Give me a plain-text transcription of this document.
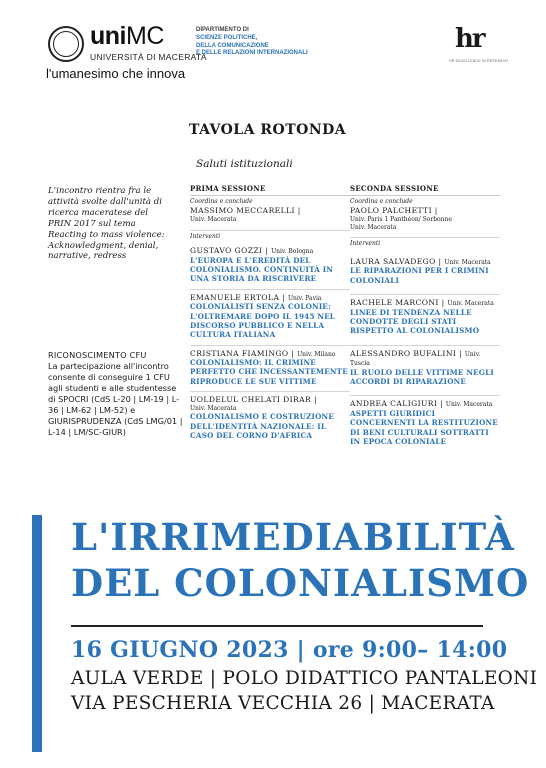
uniMC
UNIVERSITÀ DI MACERATA
l'umanesimo che innova
DIPARTIMENTO DI
SCIENZE POLITICHE,
DELLA COMUNICAZIONE
E DELLE RELAZIONI INTERNAZIONALI	hr
HR EXCELLENCE IN RESEARCH
TAVOLA ROTONDA
Saluti istituzionali
L'incontro rientra fra le attività svolte dall'unità di ricerca maceratese del PRIN 2017 sul tema Reacting to mass violence: Acknowledgment, denial, narrative, redress
RICONOSCIMENTO CFU
La partecipazione all'incontro consente di conseguire 1 CFU agli studenti e alle studentesse di SPOCRI (CdS L-20 | LM-19 | L-36 | LM-62 | LM-52) e GIURISPRUDENZA (CdS LMG/01 | L-14 | LM/SC-GIUR)
PRIMA SESSIONE
Coordina e conclude
MASSIMO MECCARELLI |
Univ. Macerata
Interventi
GUSTAVO GOZZI | Univ. Bologna
L'EUROPA E L'EREDITÀ DEL COLONIALISMO. CONTINUITÀ IN UNA STORIA DA RISCRIVERE
EMANUELE ERTOLA | Univ. Pavia
COLONIALISTI SENZA COLONIE: L'OLTREMARE DOPO IL 1945 NEL DISCORSO PUBBLICO E NELLA CULTURA ITALIANA
CRISTIANA FIAMINGO | Univ. Milano
COLONIALISMO: IL CRIMINE PERFETTO CHE INCESSANTEMENTE RIPRODUCE LE SUE VITTIME
UOLDELUL CHELATI DIRAR |
Univ. Macerata
COLONIALISMO E COSTRUZIONE DELL'IDENTITÀ NAZIONALE: IL CASO DEL CORNO D'AFRICA
SECONDA SESSIONE
Coordina e conclude
PAOLO PALCHETTI |
Univ. Paris 1 Panthéon/ Sorbonne
Univ. Macerata
Interventi
LAURA SALVADEGO | Univ. Macerata
LE RIPARAZIONI PER I CRIMINI COLONIALI
RACHELE MARCONI | Univ. Macerata
LINEE DI TENDENZA NELLE CONDOTTE DEGLI STATI RISPETTO AL COLONIALISMO
ALESSANDRO BUFALINI | Univ. Tuscia
IL RUOLO DELLE VITTIME NEGLI ACCORDI DI RIPARAZIONE
ANDREA CALIGIURI | Univ. Macerata
ASPETTI GIURIDICI CONCERNENTI LA RESTITUZIONE DI BENI CULTURALI SOTTRATTI IN EPOCA COLONIALE
L'IRRIMEDIABILITÀ
DEL COLONIALISMO
16 GIUGNO 2023 | ore 9:00– 14:00
AULA VERDE | POLO DIDATTICO PANTALEONI
VIA PESCHERIA VECCHIA 26 | MACERATA
